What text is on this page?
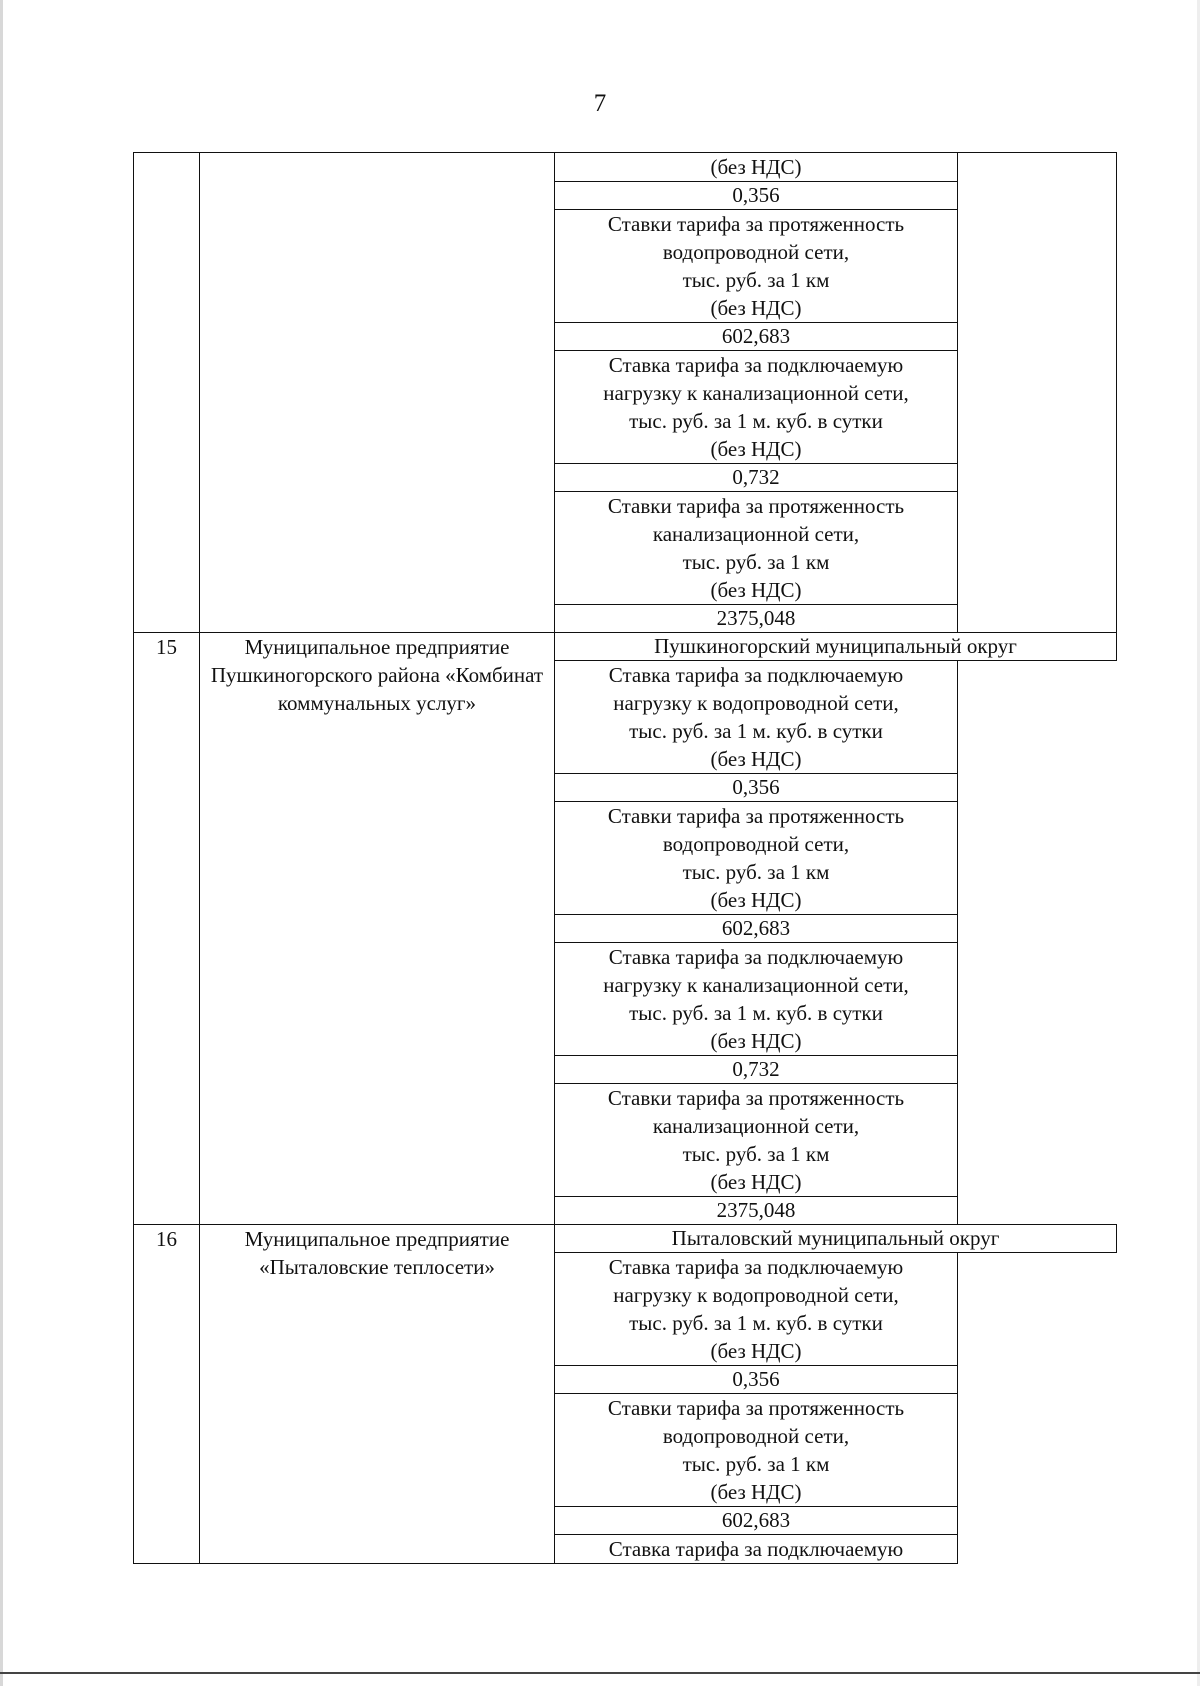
7

		(без НДС)	

		0,356	

		Ставки тарифа за протяженность
водопроводной сети,
тыс. руб. за 1 км
(без НДС)	

		602,683	

		Ставка тарифа за подключаемую
нагрузку к канализационной сети,
тыс. руб. за 1 м. куб. в сутки
(без НДС)	

		0,732	

		Ставки тарифа за протяженность
канализационной сети,
тыс. руб. за 1 км
(без НДС)	

		2375,048	
15	Муниципальное предприятие Пушкиногорского района «Комбинат коммунальных услуг»	Пушкиногорский муниципальный округ	

		Ставка тарифа за подключаемую
нагрузку к водопроводной сети,
тыс. руб. за 1 м. куб. в сутки
(без НДС)	

		0,356	

		Ставки тарифа за протяженность
водопроводной сети,
тыс. руб. за 1 км
(без НДС)	

		602,683	

		Ставка тарифа за подключаемую
нагрузку к канализационной сети,
тыс. руб. за 1 м. куб. в сутки
(без НДС)	

		0,732	

		Ставки тарифа за протяженность
канализационной сети,
тыс. руб. за 1 км
(без НДС)	

		2375,048	
16	Муниципальное предприятие «Пыталовские теплосети»	Пыталовский муниципальный округ	

		Ставка тарифа за подключаемую
нагрузку к водопроводной сети,
тыс. руб. за 1 м. куб. в сутки
(без НДС)	

		0,356	

		Ставки тарифа за протяженность
водопроводной сети,
тыс. руб. за 1 км
(без НДС)	

		602,683	

		Ставка тарифа за подключаемую	
